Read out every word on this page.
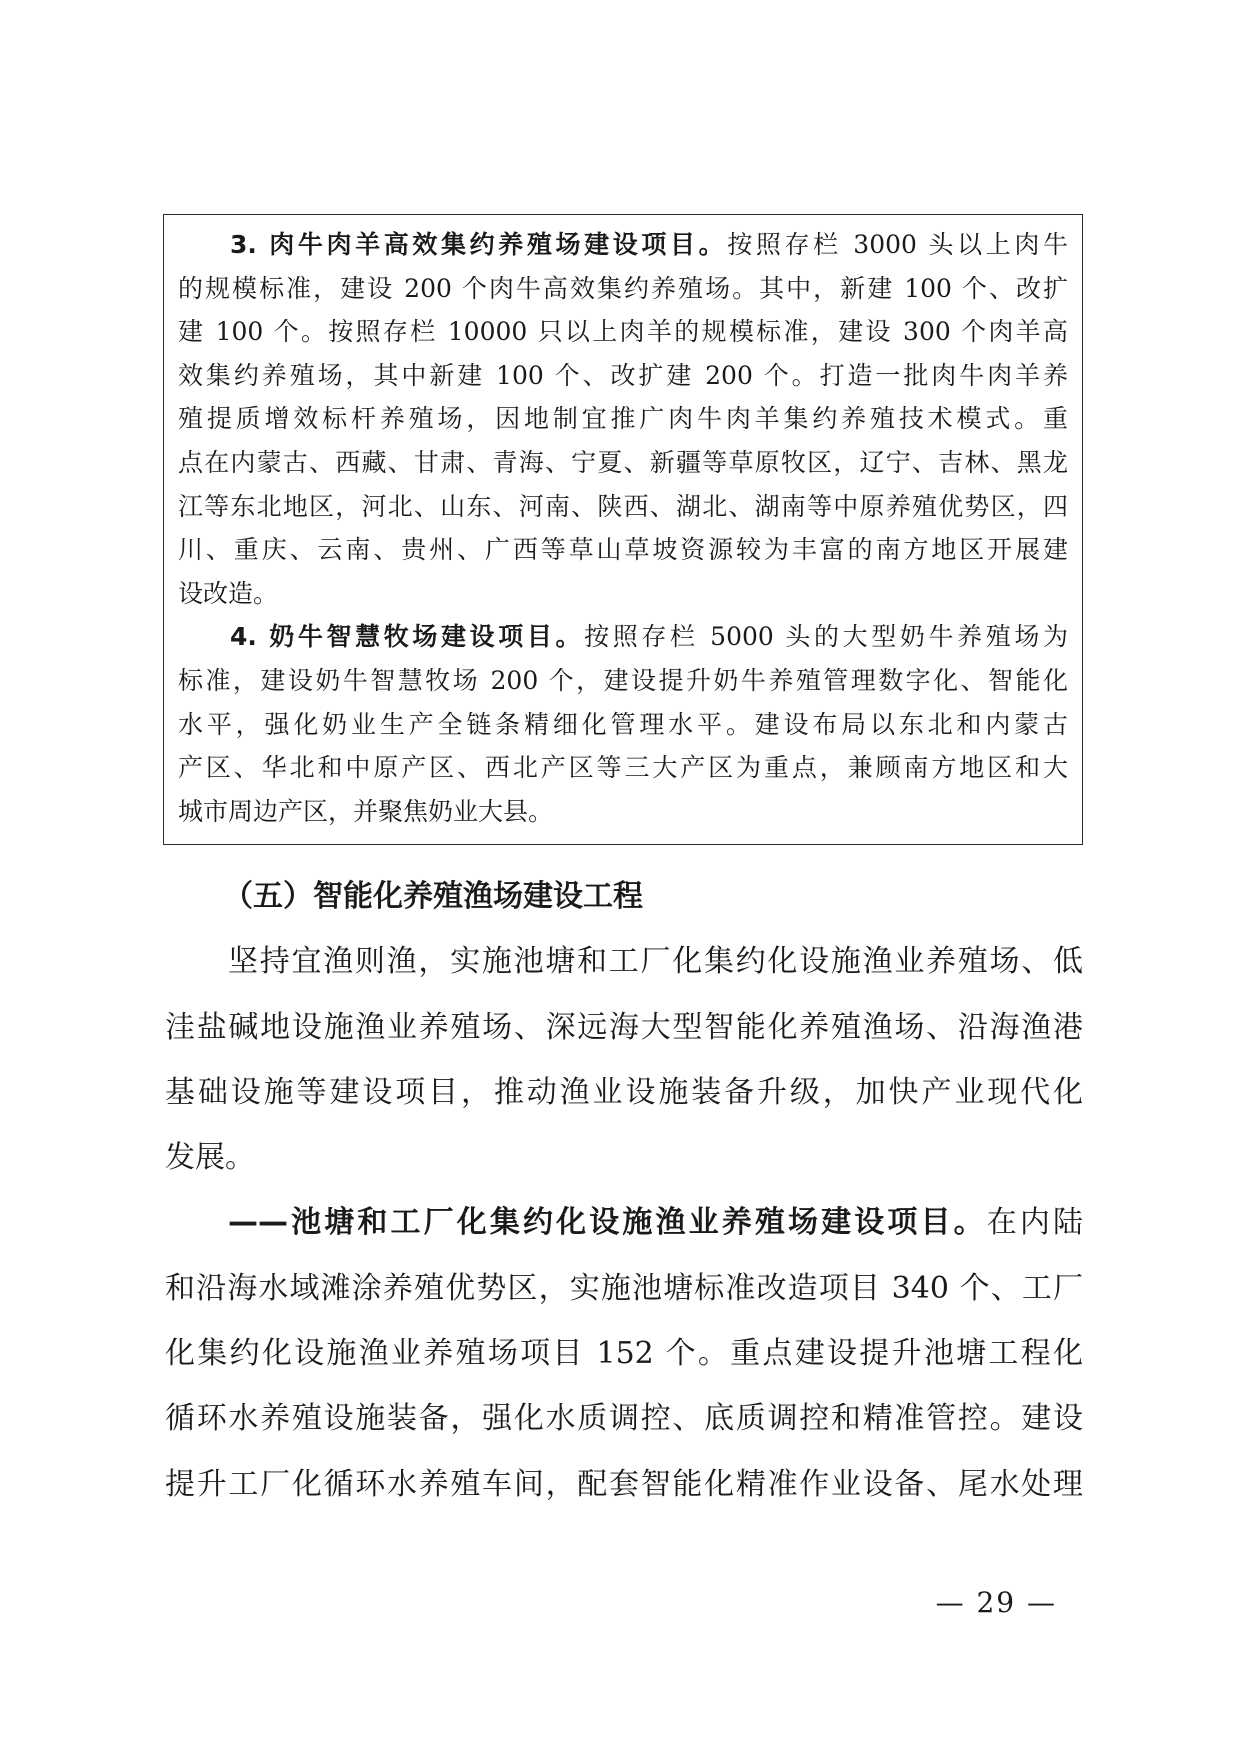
3. 肉牛肉羊高效集约养殖场建设项目。按照存栏 3000 头以上肉牛
的规模标准，建设 200 个肉牛高效集约养殖场。其中，新建 100 个、改扩
建 100 个。按照存栏 10000 只以上肉羊的规模标准，建设 300 个肉羊高
效集约养殖场，其中新建 100 个、改扩建 200 个。打造一批肉牛肉羊养
殖提质增效标杆养殖场，因地制宜推广肉牛肉羊集约养殖技术模式。重
点在内蒙古、西藏、甘肃、青海、宁夏、新疆等草原牧区，辽宁、吉林、黑龙
江等东北地区，河北、山东、河南、陕西、湖北、湖南等中原养殖优势区，四
川、重庆、云南、贵州、广西等草山草坡资源较为丰富的南方地区开展建
设改造。
4. 奶牛智慧牧场建设项目。按照存栏 5000 头的大型奶牛养殖场为
标准，建设奶牛智慧牧场 200 个，建设提升奶牛养殖管理数字化、智能化
水平，强化奶业生产全链条精细化管理水平。建设布局以东北和内蒙古
产区、华北和中原产区、西北产区等三大产区为重点，兼顾南方地区和大
城市周边产区，并聚焦奶业大县。
（五）智能化养殖渔场建设工程
坚持宜渔则渔，实施池塘和工厂化集约化设施渔业养殖场、低
洼盐碱地设施渔业养殖场、深远海大型智能化养殖渔场、沿海渔港
基础设施等建设项目，推动渔业设施装备升级，加快产业现代化
发展。
——池塘和工厂化集约化设施渔业养殖场建设项目。在内陆
和沿海水域滩涂养殖优势区，实施池塘标准改造项目 340 个、工厂
化集约化设施渔业养殖场项目 152 个。重点建设提升池塘工程化
循环水养殖设施装备，强化水质调控、底质调控和精准管控。建设
提升工厂化循环水养殖车间，配套智能化精准作业设备、尾水处理
— 29 —
